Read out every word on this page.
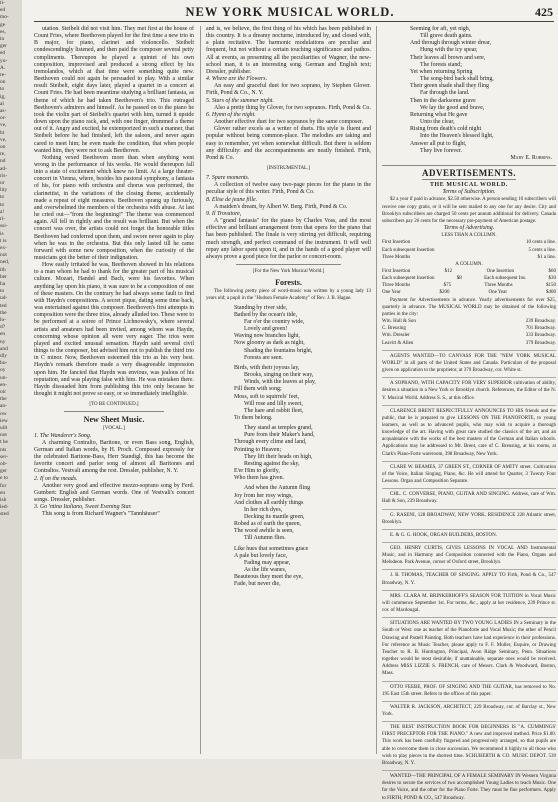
ti-
ed
mo-
ge
es,
in
ger
ed
yo-
A.
re-
on
to
ig,
al
as-
or-
ve,
ht
ve,
on
re,
nd
ad-
ris-
ur
lity
to
to
a!
ri-
ssi-
is
t is
ex-
not
ned,
ith
ber
ha
to
ud-
ted
the
lo-
d?
en
ny
and
dly
ho-
oy
un-
en-
oir
the
an-
ow
iew
uilt
not
t he
nts
ser-
ob-
ger
e to
for
en
ish
led-
sted
NEW YORK MUSICAL WORLD.	425

utation. Steibelt did not visit him. They met first at the house of Count Fries, where Beethoven played for the first time a new trio in B major, for piano, clarinet and violoncello. Steibelt condescendingly listened, and then paid the composer several petty compliments. Thereupon he played a quintet of his own composition, improvised and produced a strong effect by his tremolandos, which at that time were something quite new. Beethoven could not again be persuaded to play. With a similar result Steibelt, eight days later, played a quartet in a concert at Count Fries. He had been meantime studying a brilliant fantasia, as theme of which he had taken Beethoven's trio. This outraged Beethoven's admirers and himself. As he passed on to the piano he took the violin part of Steibelt's quartet with him, turned it upside down upon the piano rack, and, with one finger, drummed a theme out of it. Angry and excited, he extemporized in such a manner, that Steibelt before he had finished, left the saloon, and never again cared to meet him; he even made the condition, that when people wanted him, they were not to ask Beethoven.

Nothing vexed Beethoven more than when anything went wrong in the performance of his works. He would thereupon fall into a state of excitement which knew no limit. At a large theater-concert in Vienna, where, besides his pastoral symphony, a fantasia of his, for piano with orchestra and chorus was performed, the clarinettist, in the variations of the closing theme, accidentally made a repeat of eight measures. Beethoven sprang up furiously, and overwhelmed the members of the orchestra with abuse. At last he cried out—"from the beginning!" The theme was commenced again. All fell in rightly and the result was brilliant. But when the concert was over, the artists could not forget the honorable titles Beethoven had conferred upon them, and swore never again to play when he was in the orchestra. But this only lasted till he came forward with some new composition, when the curiosity of the musicians got the better of their indignation.

How easily irritated he was, Beethoven showed in his relations to a man whom he had to thank for the greater part of his musical culture. Mozart, Handel and Bach, were his favorites. When anything lay upon his piano, it was sure to be a composition of one of these masters. On the contrary he had always some fault to find with Haydn's compositions. A secret pique, dating some time back, was entertained against this composer. Beethoven's first attempts in composition were the three trios, already alluded too. These were to be performed at a soiree of Prince Lichnowsky's, where several artists and amateurs had been invited, among whom was Haydn, concerning whose opinion all were very eager. The trios were played and excited unusual sensation. Haydn said several civil things to the composer, but advised him not to publish the third trio in C minor. Now, Beethoven esteemed this trio as his very best. Haydn's remark therefore made a very disagreeable impression upon him. He fancied that Haydn was envious, was jealous of his reputation, and was playing false with him. He was mistaken there. Haydn dissuaded him from publishing this trio only because he thought it might not prove so easy, or so immediately intelligible.

[TO BE CONTINUED.]

New Sheet Music.

[VOCAL.]

1. The Wanderer's Song.

A charming Contralto, Baritone, or even Bass song, English, German and Italian words, by H. Proch. Composed expressly for the celebrated Baritone-Bass, Herr Standigl, this has become the favorite concert and parlor song of almost all Baritones and Contraltos. Vestvali among the rest. Dressler, publisher, N. Y.

2. If on the meads.

Another very good and effective mezzo-soprano song by Ferd. Gumbert: English and German words. One of Vestvali's concert songs. Dressler, publisher.

3. Go 'ntina Italiano, Sweet Evening Star.

This song is from Richard Wagner's "Tannhäuser"

and is, we believe, the first thing of his which has been published in this country. It is a dreamy nocturne, introduced by, and closed with, a plain recitative. The harmonic modulations are peculiar and frequent, but not without a certain touching significance and pathos. All at events, as presenting all the peculiarities of Wagner, the new-school man, it is an interesting song. German and English text; Dressler, publisher.

4. Where are the Flowers.

An easy and graceful duet for two soprano, by Stephen Glover. Firth, Pond & Co., N. Y.

5. Stars of the summer night.

Also a pretty thing by Glover, for two sopranos. Firth, Pond & Co.

6. Hymn of the night.

Another effective duet for two sopranos by the same composer.

Glover rather excels as a writer of duets. His style is fluent and popular without being common-place. The melodies are taking and easy to remember, yet when somewhat difficult. But there is seldom any difficulty: and the accompaniments are neatly finished. Firth, Pond & Co.

[INSTRUMENTAL.]

7. Spare moments.

A collection of twelve easy two-page pieces for the piano in the peculiar style of this writer. Firth, Pond & Co.

8. Elise de jeune fille.

A maiden's dream, by Albert W. Berg. Firth, Pond & Co.

9. Il Trovatore,

A "grand fantasia" for the piano by Charles Voss, and the most effective and brilliant arrangement from that opera for the piano that has been published. The finale is very stirring yet difficult, requiring much strength, and perfect command of the instrument. It will well repay any labor spent upon it, and in the hands of a good player will always prove a good piece for the parlor or concert-room.

[For the New York Musical World.]

Forests.

The following pretty piece of word-music was written by a young lady 13 years old; a pupil in the "Hudson Female Academy" of Rev. J. B. Hague.

Standing by river side,

Bathed by the ocean's tide,

Far o'er the country wide,

Lovely and green!

Waving now branches light,

Now gloomy as dark as night,

Shading the fountains bright,

Forests are seen.

Birds, with their joyous lay,

Brooks, singing on their way,

Winds, with the leaves at play,

Fill them with song;

Moss, soft to squirrels' feet,

Will rose and lilly sweet,

The hare and rabbit fleet,

To them belong.

They stand as temples grand,

Pure from their Maker's hand,

Through every clime and land,

Pointing to Heaven;

They lift their heads on high,

Resting against the sky,

E'er Him to glorify,

Who them has given.

And when the Autumn fling

Joy from her rosy wings,

And clothes all earthly things

In her rich dyes,

Decking its mantle green,

Robed as of earth the queen,

The wood awhile is seen,

Till Autumn flies.

Like hues that sometimes grace

A pale but lovely face,

Fading may appear,

As the life wanes,

Beauteous they meet the eye,

Fade, but never die,

Seeming for aft, yet nigh,

Till grave death gains.

And through through winter drear,

Hung with the icy spear,

Their leaves all brown and sere,

The forests stand;

Yet when returning Spring

The song-bird back shall bring,

Their green shade shall they fling

Far through the land.

Then in the darksome grave

We lay the good and brave,

Returning what He gave

Unto the clear,

Rising from death's cold night

Into the Heaven's blessed light,

Answer all put to flight,

They live forever.

Mary E. Robbins.

ADVERTISEMENTS.

THE MUSICAL WORLD.

Terms of Subscription.

$2 a year if paid in advance, $2.50 otherwise. A person sending 10 subscribers will receive one copy gratis, or it will be sent mailed to any one for any desire. City and Brooklyn subscribers are charged 50 cents per annum additional for delivery. Canada subscribers pay 26 cents for the necessary pre-payment of American postage.

Terms of Advertising.

LESS THAN A COLUMN.

First Insertion	10 cents a line.
Each subsequent Insertion	5 cents a line.
Three Months	$1 a line.

A COLUMN.

First Insertion	$12	One Insertion	$60
Each subsequent Insertion	$8	Each subsequent Ins.	$30
Three Months	$75	Three Months	$150
One Year	$200	One Year	$400

Payment for Advertisements in advance. Yearly advertisements for over $25, quarterly in advance. The MUSICAL WORLD may be obtained of the following parties in the city:

Wm. Hall & Son	239 Broadway.
C. Breusing	701 Broadway.
Wm. Dressler	333 Broadway.
Leavitt & Allen	379 Broadway.

AGENTS WANTED—TO CANVASS FOR THE "NEW YORK MUSICAL WORLD" in all parts of the United States and Canada. Particulars of the proposal given on application to the proprietor, at 379 Broadway, cor. White st.

A SOPRANO, WITH CAPACITY FOR VERY SUPERIOR cultivation of ability, desires a situation in a New York or Brooklyn church. References, the Editor of the N. Y. Musical World. Address S. S., at this office.

CLARENCE BRENT RESPECTFULLY ANNOUNCES TO HIS friends and the public, that he is prepared to give LESSONS ON THE PIANOFORTE, to young learners, as well as to advanced pupils, who may wish to acquire a thorough knowledge of the art. Having with great care studied the classics of the art, and an acquaintance with the works of the best masters of the German and Italian schools. Applications may be addressed to Mr. Brent, care of C. Breusing, at his rooms, at Clark's Piano-Forte wareroom, 398 Broadway, New York.

CLARE W. BEAMES, 37 GREEN ST., CORNER OF AMITY street. Cultivation of the Voice, Italian Singing, Piano, &c. He will attend for Quarter, 3 Twenty Four Lessons. Organ and Composition Separate.

CHL. C. CONVERSE, PIANO, GUITAR AND SINGING. Address, care of Wm. Hall & Son, 239 Broadway.

G. RASENI, 128 BROADWAY, NEW YORK. RESIDENCE 228 Atlantic street, Brooklyn.

E. & G. G. HOOK, ORGAN BUILDERS, BOSTON.

GEO. HENRY CURTIS, GIVES LESSONS IN VOCAL AND Instrumental Music, and in Harmony and Composition connected with the Piano, Organs and Melodeon. Park Avenue, corner of Oxford street, Brooklyn.

J. B. THOMAS, TEACHER OF SINGING. APPLY TO Firth, Pond & Co., 547 Broadway, N. Y.

MRS. CLARA M. BRINKERHOFF'S SEASON FOR TUITION in Vocal Music will commence September 1st. For terms, &c., apply at her residence, 239 Prince st. cor. of Macdougal.

SITUATIONS ARE WANTED BY TWO YOUNG LADIES IN a Seminary in the South or West: one as teacher of the Pianoforte and Vocal Music; the other of Pencil Drawing and Pastell Painting. Both teachers have had experience in their professions. For reference as Music Teacher, please apply to F. F. Muller, Esquire, or Drawing Teacher to R. B. Huntington, Principal, Avon Ridge Seminary, Penn. Situations together would be most desirable; if unattainable, separate ones would be received. Address MISS LIZZIE S. FRENCH, care of Messrs. Clark & Woodward, Boston, Mass.

OTTO FEEBE, PROF. OF SINGING AND THE GUITAR, has removed to No. 195 East 15th street. Refers to the offices of this paper.

WALTER R. JACKSON, ARCHITECT, 229 Broadway, cor. of Barclay st., New York.

THE BEST INSTRUCTION BOOK FOR BEGINNERS IS "A. CUMMINGS' FIRST PRECEPTOR FOR THE PIANO." A new and improved method. Price $1.00. This work has been carefully fingered and progressively arranged, so that pupils are able to overcome them in close succession. We recommend it highly to all those who wish to play pieces in the shortest time. SCHUBERTH & CO. MUSIC DEPOT. 539 Broadway, N. Y.

WANTED—THE PRINCIPAL OF A FEMALE SEMINARY IN Western Virginia desires to secure the services of two accomplished Young Ladies to teach Music. One for the Voice, and the other for the Piano Forte. They must be fine performers. Apply to FIRTH, POND & CO., 547 Broadway.
